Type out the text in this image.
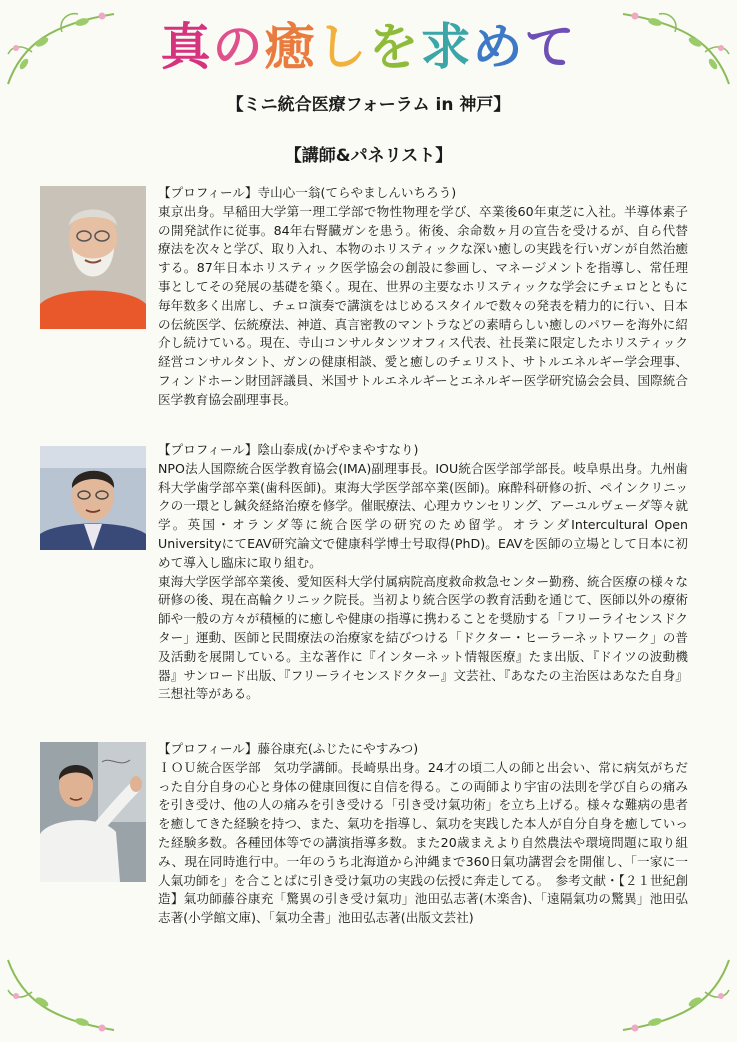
真の癒しを求めて
【ミニ統合医療フォーラム in 神戸】
【講師&パネリスト】

【プロフィール】寺山心一翁(てらやましんいちろう)

東京出身。早稲田大学第一理工学部で物性物理を学び、卒業後60年東芝に入社。半導体素子の開発試作に従事。84年右腎臓ガンを患う。術後、余命数ヶ月の宣告を受けるが、自ら代替療法を次々と学び、取り入れ、本物のホリスティックな深い癒しの実践を行いガンが自然治癒する。87年日本ホリスティック医学協会の創設に参画し、マネージメントを指導し、常任理事としてその発展の基礎を築く。現在、世界の主要なホリスティックな学会にチェロとともに毎年数多く出席し、チェロ演奏で講演をはじめるスタイルで数々の発表を精力的に行い、日本の伝統医学、伝統療法、神道、真言密教のマントラなどの素晴らしい癒しのパワーを海外に紹介し続けている。現在、寺山コンサルタンツオフィス代表、社長業に限定したホリスティック経営コンサルタント、ガンの健康相談、愛と癒しのチェリスト、サトルエネルギー学会理事、フィンドホーン財団評議員、米国サトルエネルギーとエネルギー医学研究協会会員、国際統合医学教育協会副理事長。

【プロフィール】陰山泰成(かげやまやすなり)

NPO法人国際統合医学教育協会(IMA)副理事長。IOU統合医学部学部長。岐阜県出身。九州歯科大学歯学部卒業(歯科医師)。東海大学医学部卒業(医師)。麻酔科研修の折、ペインクリニックの一環とし鍼灸経絡治療を修学。催眠療法、心理カウンセリング、アーユルヴェーダ等々就学。英国・オランダ等に統合医学の研究のため留学。オランダIntercultural Open UniversityにてEAV研究論文で健康科学博士号取得(PhD)。EAVを医師の立場として日本に初めて導入し臨床に取り組む。

東海大学医学部卒業後、愛知医科大学付属病院高度救命救急センター勤務、統合医療の様々な研修の後、現在高輪クリニック院長。当初より統合医学の教育活動を通じて、医師以外の療術師や一般の方々が積極的に癒しや健康の指導に携わることを奨励する「フリーライセンスドクター」運動、医師と民間療法の治療家を結びつける「ドクター・ヒーラーネットワーク」の普及活動を展開している。主な著作に『インターネット情報医療』たま出版、『ドイツの波動機器』サンロード出版、『フリーライセンスドクター』文芸社、『あなたの主治医はあなた自身』三想社等がある。

【プロフィール】藤谷康充(ふじたにやすみつ)

ＩＯＵ統合医学部　気功学講師。長崎県出身。24才の頃二人の師と出会い、常に病気がちだった自分自身の心と身体の健康回復に自信を得る。この両師より宇宙の法則を学び自らの痛みを引き受け、他の人の痛みを引き受ける「引き受け氣功術」を立ち上げる。様々な難病の患者を癒してきた経験を持つ、また、氣功を指導し、氣功を実践した本人が自分自身を癒していった経験多数。各種団体等での講演指導多数。また20歳まえより自然農法や環境問題に取り組み、現在同時進行中。一年のうち北海道から沖縄まで360日氣功講習会を開催し、「一家に一人氣功師を」を合ことばに引き受け氣功の実践の伝授に奔走してる。　参考文献・【２１世紀創造】氣功師藤谷康充「驚異の引き受け氣功」池田弘志著(木楽舎)、「遠隔氣功の驚異」池田弘志著(小学館文庫)、「氣功全書」池田弘志著(出版文芸社)
